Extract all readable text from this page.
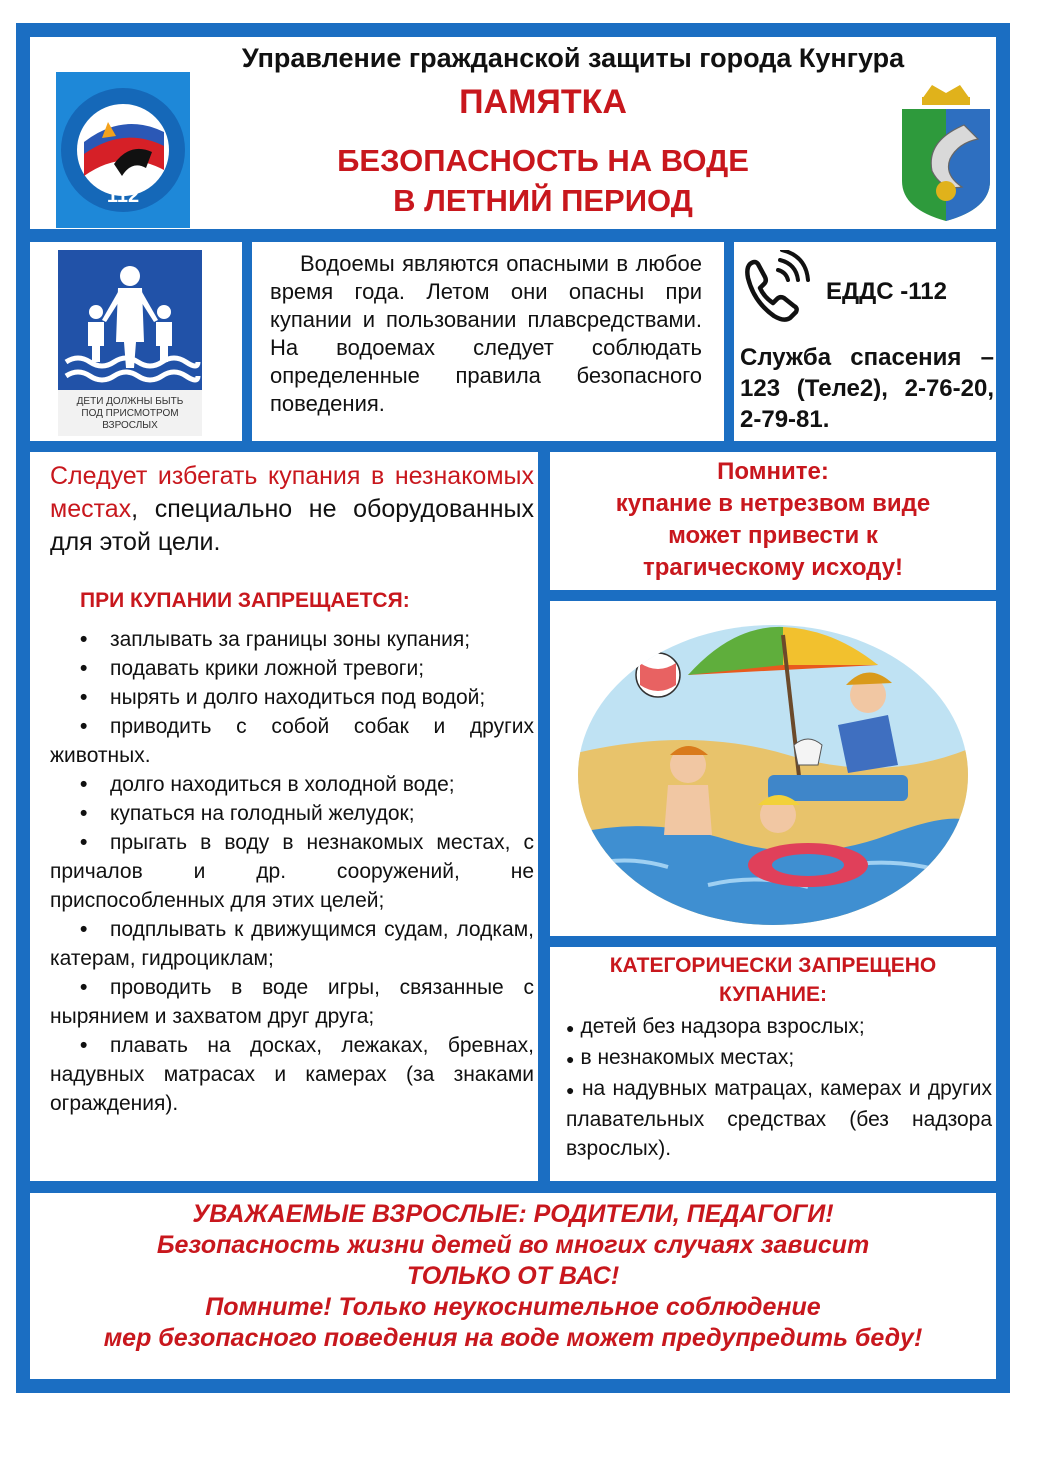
Управление гражданской защиты города Кунгура
ПАМЯТКА
БЕЗОПАСНОСТЬ НА ВОДЕ
В ЛЕТНИЙ ПЕРИОД
112
ДЕТИ ДОЛЖНЫ БЫТЬ
ПОД ПРИСМОТРОМ
ВЗРОСЛЫХ
Водоемы являются опасными в любое время года. Летом они опасны при купании и пользовании плавсредствами. На водоемах следует соблюдать определенные правила безопасного поведения.
ЕДДС -112
Служба спасения – 123 (Теле2), 2-76-20, 2-79-81.
Следует избегать купания в незнакомых местах, специально не оборудованных для этой цели.
ПРИ КУПАНИИ ЗАПРЕЩАЕТСЯ:
• заплывать за границы зоны купания;
• подавать крики ложной тревоги;
• нырять и долго находиться под водой;
• приводить с собой собак и других животных.
• долго находиться в холодной воде;
• купаться на голодный желудок;
• прыгать в воду в незнакомых местах, с причалов и др. сооружений, не приспособленных для этих целей;
• подплывать к движущимся судам, лодкам, катерам, гидроциклам;
• проводить в воде игры, связанные с нырянием и захватом друг друга;
• плавать на досках, лежаках, бревнах, надувных матрасах и камерах (за знаками ограждения).
Помните:
купание в нетрезвом виде
может привести к
трагическому исходу!
КАТЕГОРИЧЕСКИ ЗАПРЕЩЕНО
КУПАНИЕ:
● детей без надзора взрослых;
● в незнакомых местах;
● на надувных матрацах, камерах и других плавательных средствах (без надзора взрослых).
УВАЖАЕМЫЕ ВЗРОСЛЫЕ: РОДИТЕЛИ, ПЕДАГОГИ!
Безопасность жизни детей во многих случаях зависит
ТОЛЬКО ОТ ВАС!
Помните! Только неукоснительное соблюдение
мер безопасного поведения на воде может предупредить беду!
